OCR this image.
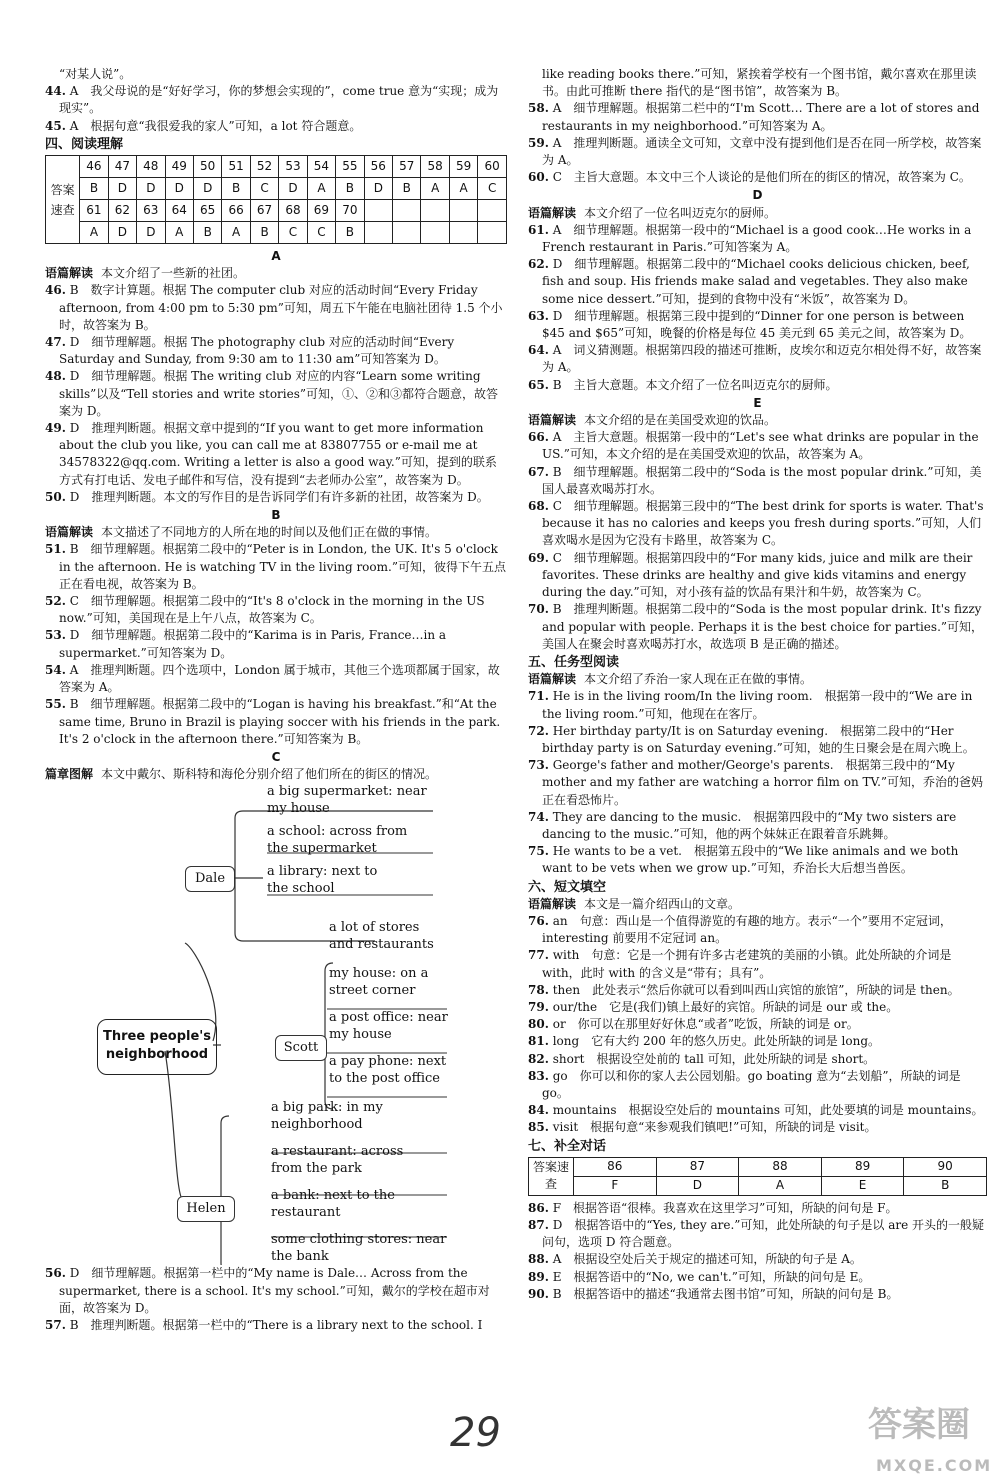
“对某人说”。

44. A　我父母说的是“好好学习，你的梦想会实现的”，come true 意为“实现；成为现实”。

45. A　根据句意“我很爱我的家人”可知，a lot 符合题意。

四、阅读理解
答案速查	46	47	48	49	50	51	52	53	54	55	56	57	58	59	60
	B	D	D	D	D	B	C	D	A	B	D	B	A	A	C
	61	62	63	64	65	66	67	68	69	70					
	A	D	D	A	B	A	B	C	C	B					
A

语篇解读 本文介绍了一些新的社团。

46. B　数字计算题。根据 The computer club 对应的活动时间“Every Friday afternoon, from 4:00 pm to 5:30 pm”可知，周五下午能在电脑社团待 1.5 个小时，故答案为 B。

47. D　细节理解题。根据 The photography club 对应的活动时间“Every Saturday and Sunday, from 9:30 am to 11:30 am”可知答案为 D。

48. D　细节理解题。根据 The writing club 对应的内容“Learn some writing skills”以及“Tell stories and write stories”可知，①、②和③都符合题意，故答案为 D。

49. D　推理判断题。根据文章中提到的“If you want to get more information about the club you like, you can call me at 83807755 or e-mail me at 34578322@qq.com. Writing a letter is also a good way.”可知，提到的联系方式有打电话、发电子邮件和写信，没有提到“去老师办公室”，故答案为 D。

50. D　推理判断题。本文的写作目的是告诉同学们有许多新的社团，故答案为 D。

B

语篇解读 本文描述了不同地方的人所在地的时间以及他们正在做的事情。

51. B　细节理解题。根据第二段中的“Peter is in London, the UK. It's 5 o'clock in the afternoon. He is watching TV in the living room.”可知，彼得下午五点正在看电视，故答案为 B。

52. C　细节理解题。根据第二段中的“It's 8 o'clock in the morning in the US now.”可知，美国现在是上午八点，故答案为 C。

53. D　细节理解题。根据第二段中的“Karima is in Paris, France…in a supermarket.”可知答案为 D。

54. A　推理判断题。四个选项中，London 属于城市，其他三个选项都属于国家，故答案为 A。

55. B　细节理解题。根据第二段中的“Logan is having his breakfast.”和“At the same time, Bruno in Brazil is playing soccer with his friends in the park. It's 2 o'clock in the afternoon there.”可知答案为 B。

C

篇章图解 本文中戴尔、斯科特和海伦分别介绍了他们所在的街区的情况。

Three people's neighborhood
Dale
Scott
Helen
a big supermarket: near
my house
a school: across from
the supermarket
a library: next to
the school
a lot of stores
and restaurants
my house: on a
street corner
a post office: near
my house
a pay phone: next
to the post office
a big park: in my
neighborhood
a restaurant: across
from the park
a bank: next to the
restaurant
some clothing stores: near
the bank

56. D　细节理解题。根据第一栏中的“My name is Dale… Across from the supermarket, there is a school. It's my school.”可知，戴尔的学校在超市对面，故答案为 D。

57. B　推理判断题。根据第一栏中的“There is a library next to the school. I

like reading books there.”可知，紧挨着学校有一个图书馆，戴尔喜欢在那里读书。由此可推断 there 指代的是“图书馆”，故答案为 B。

58. A　细节理解题。根据第二栏中的“I'm Scott… There are a lot of stores and restaurants in my neighborhood.”可知答案为 A。

59. A　推理判断题。通读全文可知，文章中没有提到他们是否在同一所学校，故答案为 A。

60. C　主旨大意题。本文中三个人谈论的是他们所在的街区的情况，故答案为 C。

D

语篇解读 本文介绍了一位名叫迈克尔的厨师。

61. A　细节理解题。根据第一段中的“Michael is a good cook…He works in a French restaurant in Paris.”可知答案为 A。

62. D　细节理解题。根据第二段中的“Michael cooks delicious chicken, beef, fish and soup. His friends make salad and vegetables. They also make some nice dessert.”可知，提到的食物中没有“米饭”，故答案为 D。

63. D　细节理解题。根据第三段中提到的“Dinner for one person is between $45 and $65”可知，晚餐的价格是每位 45 美元到 65 美元之间，故答案为 D。

64. A　词义猜测题。根据第四段的描述可推断，皮埃尔和迈克尔相处得不好，故答案为 A。

65. B　主旨大意题。本文介绍了一位名叫迈克尔的厨师。

E

语篇解读 本文介绍的是在美国受欢迎的饮品。

66. A　主旨大意题。根据第一段中的“Let's see what drinks are popular in the US.”可知，本文介绍的是在美国受欢迎的饮品，故答案为 A。

67. B　细节理解题。根据第二段中的“Soda is the most popular drink.”可知，美国人最喜欢喝苏打水。

68. C　细节理解题。根据第三段中的“The best drink for sports is water. That's because it has no calories and keeps you fresh during sports.”可知，人们喜欢喝水是因为它没有卡路里，故答案为 C。

69. C　细节理解题。根据第四段中的“For many kids, juice and milk are their favorites. These drinks are healthy and give kids vitamins and energy during the day.”可知，对小孩有益的饮品有果汁和牛奶，故答案为 C。

70. B　推理判断题。根据第二段中的“Soda is the most popular drink. It's fizzy and popular with people. Perhaps it is the best choice for parties.”可知，美国人在聚会时喜欢喝苏打水，故选项 B 是正确的描述。

五、任务型阅读

语篇解读 本文介绍了乔治一家人现在正在做的事情。

71. He is in the living room/In the living room.　根据第一段中的“We are in the living room.”可知，他现在在客厅。

72. Her birthday party/It is on Saturday evening.　根据第二段中的“Her birthday party is on Saturday evening.”可知，她的生日聚会是在周六晚上。

73. George's father and mother/George's parents.　根据第三段中的“My mother and my father are watching a horror film on TV.”可知，乔治的爸妈正在看恐怖片。

74. They are dancing to the music.　根据第四段中的“My two sisters are dancing to the music.”可知，他的两个妹妹正在跟着音乐跳舞。

75. He wants to be a vet.　根据第五段中的“We like animals and we both want to be vets when we grow up.”可知，乔治长大后想当兽医。

六、短文填空

语篇解读 本文是一篇介绍西山的文章。

76. an　句意：西山是一个值得游览的有趣的地方。表示“一个”要用不定冠词，interesting 前要用不定冠词 an。

77. with　句意：它是一个拥有许多古老建筑的美丽的小镇。此处所缺的介词是 with，此时 with 的含义是“带有；具有”。

78. then　此处表示“然后你就可以看到叫西山宾馆的旅馆”，所缺的词是 then。

79. our/the　它是(我们)镇上最好的宾馆。所缺的词是 our 或 the。

80. or　你可以在那里好好休息“或者”吃饭，所缺的词是 or。

81. long　它有大约 200 年的悠久历史。此处所缺的词是 long。

82. short　根据设空处前的 tall 可知，此处所缺的词是 short。

83. go　你可以和你的家人去公园划船。go boating 意为“去划船”，所缺的词是 go。

84. mountains　根据设空处后的 mountains 可知，此处要填的词是 mountains。

85. visit　根据句意“来参观我们镇吧!”可知，所缺的词是 visit。

七、补全对话
答案速查	86	87	88	89	90
	F	D	A	E	B

86. F　根据答语“很棒。我喜欢在这里学习”可知，所缺的问句是 F。

87. D　根据答语中的“Yes, they are.”可知，此处所缺的句子是以 are 开头的一般疑问句，选项 D 符合题意。

88. A　根据设空处后关于规定的描述可知，所缺的句子是 A。

89. E　根据答语中的“No, we can't.”可知，所缺的问句是 E。

90. B　根据答语中的描述“我通常去图书馆”可知，所缺的问句是 B。

29	答案圈
MXQE.COM
